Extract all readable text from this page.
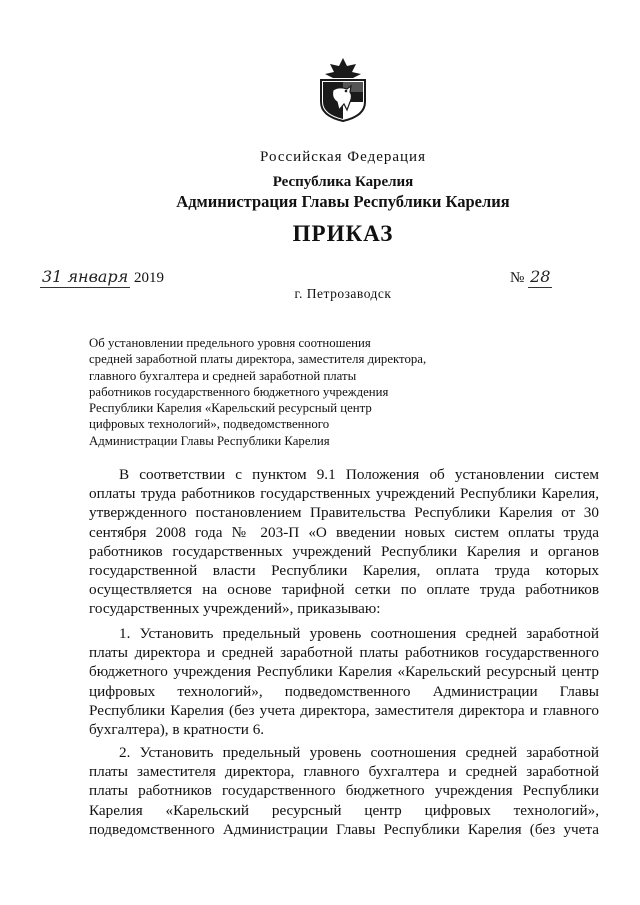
Российская Федерация
Республика Карелия
Администрация Главы Республики Карелия
ПРИКАЗ
31 января 2019	№ 28
г. Петрозаводск
Об установлении предельного уровня соотношения
средней заработной платы директора, заместителя директора,
главного бухгалтера и средней заработной платы
работников государственного бюджетного учреждения
Республики Карелия «Карельский ресурсный центр
цифровых технологий», подведомственного
Администрации Главы Республики Карелия
В соответствии с пунктом 9.1 Положения об установлении систем
оплаты труда работников государственных учреждений Республики Карелия,
утвержденного постановлением Правительства Республики Карелия от 30
сентября 2008 года № 203-П «О введении новых систем оплаты труда
работников государственных учреждений Республики Карелия и органов
государственной власти Республики Карелия, оплата труда которых
осуществляется на основе тарифной сетки по оплате труда работников
государственных учреждений», приказываю:
1. Установить предельный уровень соотношения средней заработной
платы директора и средней заработной платы работников государственного
бюджетного учреждения Республики Карелия «Карельский ресурсный центр
цифровых технологий», подведомственного Администрации Главы
Республики Карелия (без учета директора, заместителя директора и главного
бухгалтера), в кратности 6.
2. Установить предельный уровень соотношения средней заработной
платы заместителя директора, главного бухгалтера и средней заработной
платы работников государственного бюджетного учреждения Республики
Карелия «Карельский ресурсный центр цифровых технологий»,
подведомственного Администрации Главы Республики Карелия (без учета
